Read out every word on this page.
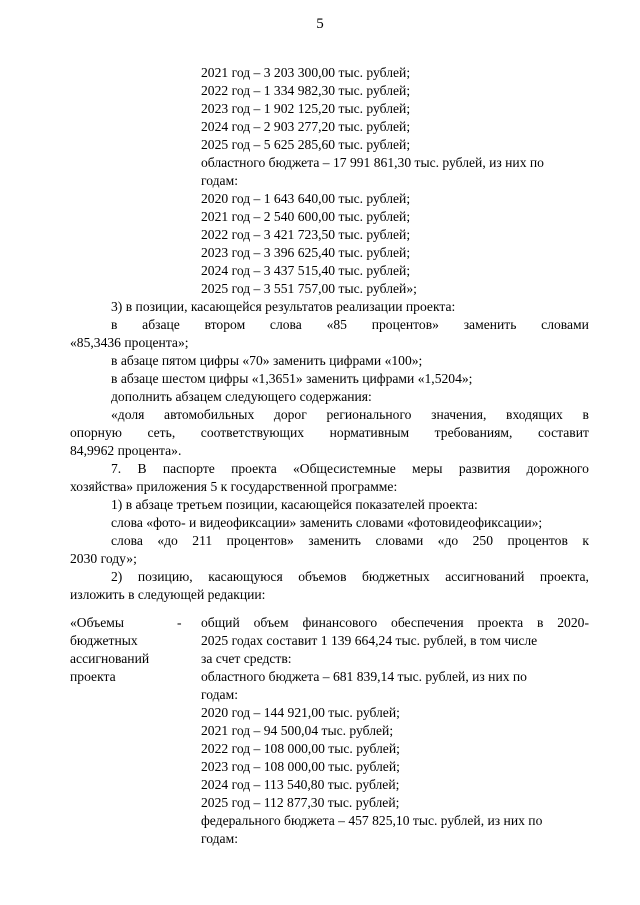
5
2021 год – 3 203 300,00 тыс. рублей;
2022 год – 1 334 982,30 тыс. рублей;
2023 год – 1 902 125,20 тыс. рублей;
2024 год – 2 903 277,20 тыс. рублей;
2025 год – 5 625 285,60 тыс. рублей;
областного бюджета – 17 991 861,30 тыс. рублей, из них по
годам:
2020 год – 1 643 640,00 тыс. рублей;
2021 год – 2 540 600,00 тыс. рублей;
2022 год – 3 421 723,50 тыс. рублей;
2023 год – 3 396 625,40 тыс. рублей;
2024 год – 3 437 515,40 тыс. рублей;
2025 год – 3 551 757,00 тыс. рублей»;
3) в позиции, касающейся результатов реализации проекта:
в абзаце втором слова «85 процентов» заменить словами
«85,3436 процента»;
в абзаце пятом цифры «70» заменить цифрами «100»;
в абзаце шестом цифры «1,3651» заменить цифрами «1,5204»;
дополнить абзацем следующего содержания:
«доля автомобильных дорог регионального значения, входящих в
опорную сеть, соответствующих нормативным требованиям, составит
84,9962 процента».
7. В паспорте проекта «Общесистемные меры развития дорожного
хозяйства» приложения 5 к государственной программе:
1) в абзаце третьем позиции, касающейся показателей проекта:
слова «фото- и видеофиксации» заменить словами «фотовидеофиксации»;
слова «до 211 процентов» заменить словами «до 250 процентов к
2030 году»;
2) позицию, касающуюся объемов бюджетных ассигнований проекта,
изложить в следующей редакции:
«Объемы
бюджетных
ассигнований
проекта
- общий объем финансового обеспечения проекта в 2020-
2025 годах составит 1 139 664,24 тыс. рублей, в том числе
за счет средств:
областного бюджета – 681 839,14 тыс. рублей, из них по
годам:
2020 год – 144 921,00 тыс. рублей;
2021 год – 94 500,04 тыс. рублей;
2022 год – 108 000,00 тыс. рублей;
2023 год – 108 000,00 тыс. рублей;
2024 год – 113 540,80 тыс. рублей;
2025 год – 112 877,30 тыс. рублей;
федерального бюджета – 457 825,10 тыс. рублей, из них по
годам:
